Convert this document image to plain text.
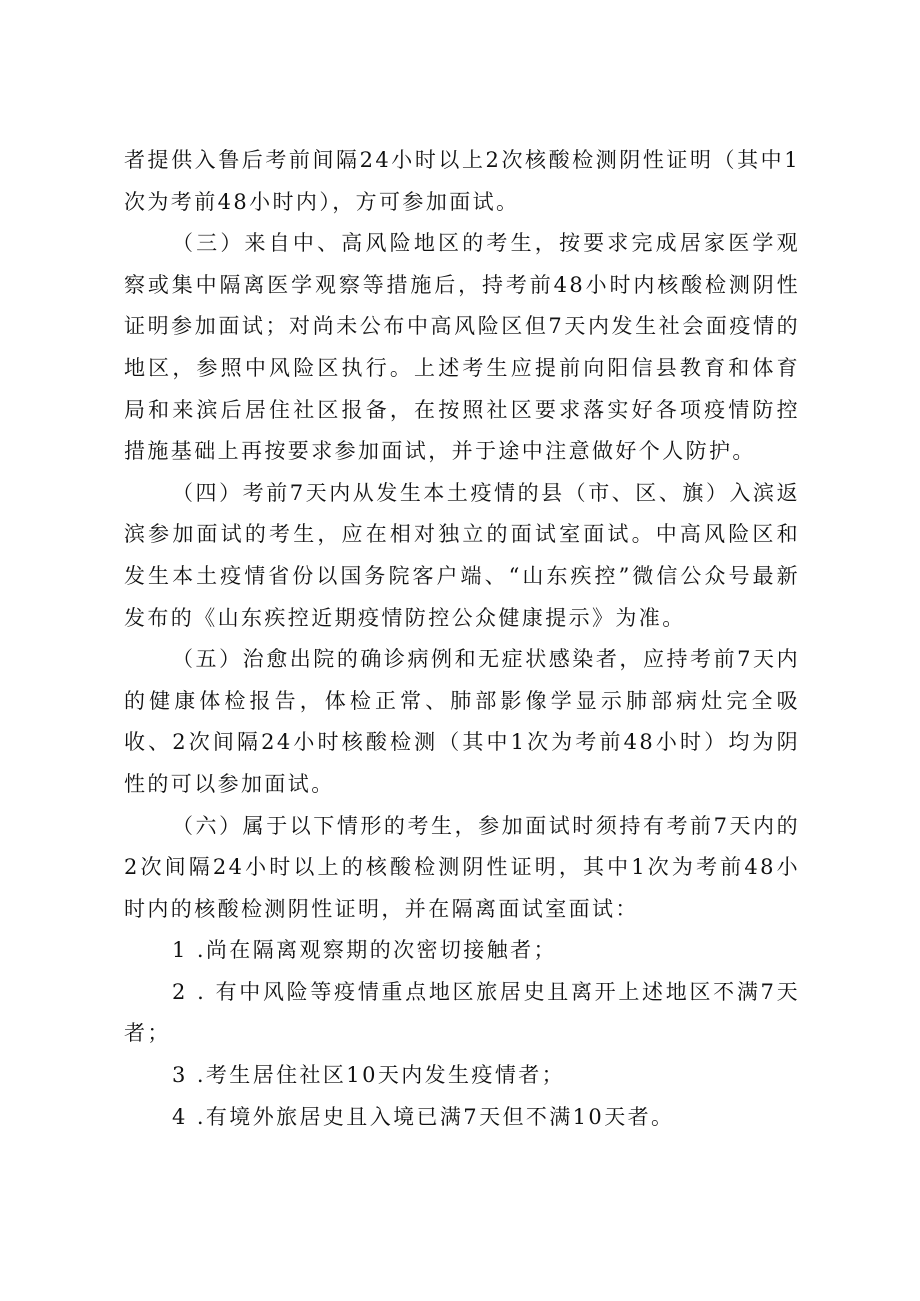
者提供入鲁后考前间隔24小时以上2次核酸检测阴性证明（其中1次为考前48小时内），方可参加面试。

（三）来自中、高风险地区的考生，按要求完成居家医学观察或集中隔离医学观察等措施后，持考前48小时内核酸检测阴性证明参加面试；对尚未公布中高风险区但7天内发生社会面疫情的地区，参照中风险区执行。上述考生应提前向阳信县教育和体育局和来滨后居住社区报备，在按照社区要求落实好各项疫情防控措施基础上再按要求参加面试，并于途中注意做好个人防护。

（四）考前7天内从发生本土疫情的县（市、区、旗）入滨返滨参加面试的考生，应在相对独立的面试室面试。中高风险区和发生本土疫情省份以国务院客户端、“山东疾控”微信公众号最新发布的《山东疾控近期疫情防控公众健康提示》为准。

（五）治愈出院的确诊病例和无症状感染者，应持考前7天内的健康体检报告，体检正常、肺部影像学显示肺部病灶完全吸收、2次间隔24小时核酸检测（其中1次为考前48小时）均为阴性的可以参加面试。

（六）属于以下情形的考生，参加面试时须持有考前7天内的2次间隔24小时以上的核酸检测阴性证明，其中1次为考前48小时内的核酸检测阴性证明，并在隔离面试室面试：

1 .尚在隔离观察期的次密切接触者；

2 . 有中风险等疫情重点地区旅居史且离开上述地区不满7天者；

3 .考生居住社区10天内发生疫情者；

4 .有境外旅居史且入境已满7天但不满10天者。
